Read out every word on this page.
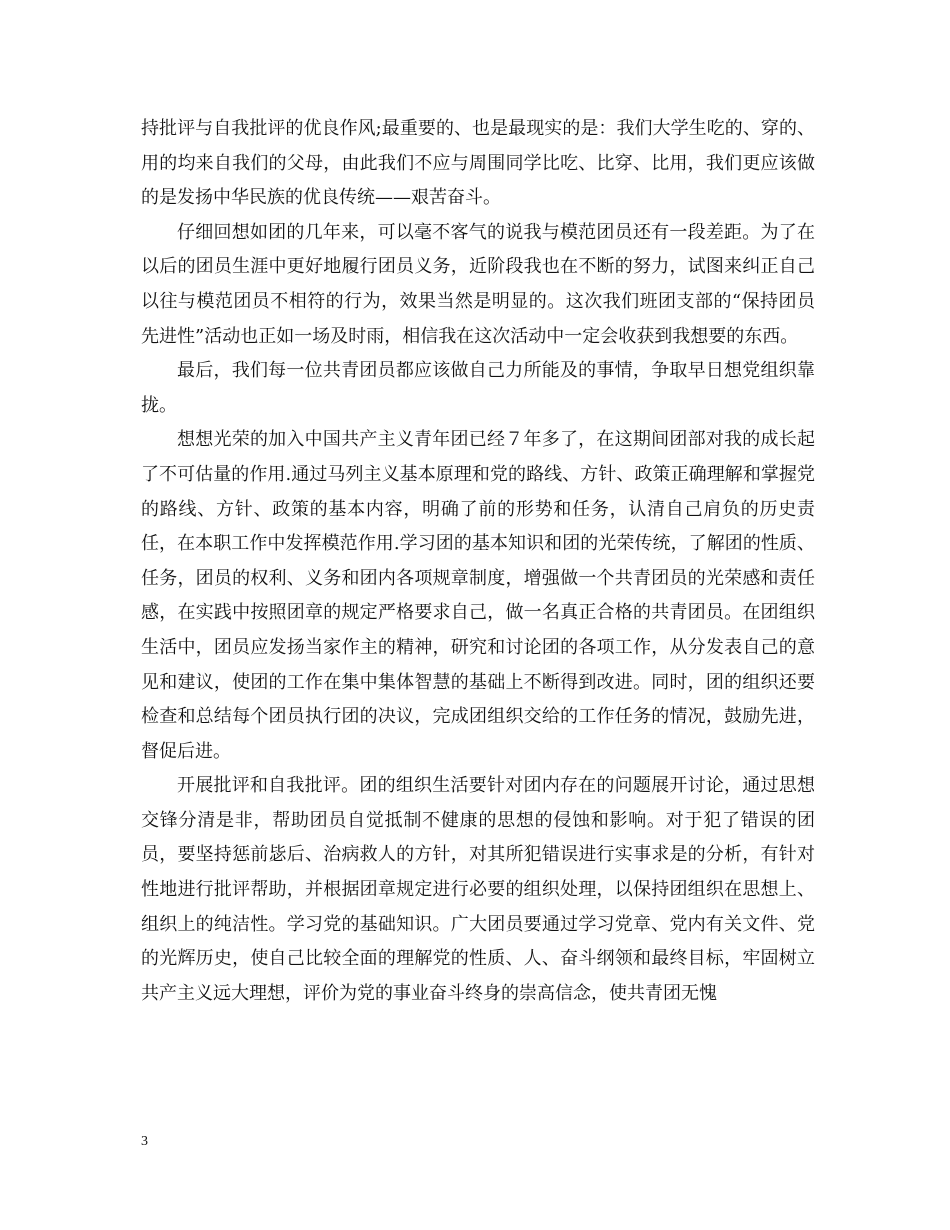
持批评与自我批评的优良作风;最重要的、也是最现实的是：我们大学生吃的、穿的、用的均来自我们的父母，由此我们不应与周围同学比吃、比穿、比用，我们更应该做的是发扬中华民族的优良传统——艰苦奋斗。

仔细回想如团的几年来，可以毫不客气的说我与模范团员还有一段差距。为了在以后的团员生涯中更好地履行团员义务，近阶段我也在不断的努力，试图来纠正自己以往与模范团员不相符的行为，效果当然是明显的。这次我们班团支部的“保持团员先进性”活动也正如一场及时雨，相信我在这次活动中一定会收获到我想要的东西。

最后，我们每一位共青团员都应该做自己力所能及的事情，争取早日想党组织靠拢。

想想光荣的加入中国共产主义青年团已经７年多了，在这期间团部对我的成长起了不可估量的作用.通过马列主义基本原理和党的路线、方针、政策正确理解和掌握党的路线、方针、政策的基本内容，明确了前的形势和任务，认清自己肩负的历史责任，在本职工作中发挥模范作用.学习团的基本知识和团的光荣传统，了解团的性质、任务，团员的权利、义务和团内各项规章制度，增强做一个共青团员的光荣感和责任感，在实践中按照团章的规定严格要求自己，做一名真正合格的共青团员。在团组织生活中，团员应发扬当家作主的精神，研究和讨论团的各项工作，从分发表自己的意见和建议，使团的工作在集中集体智慧的基础上不断得到改进。同时，团的组织还要检查和总结每个团员执行团的决议，完成团组织交给的工作任务的情况，鼓励先进，督促后进。

开展批评和自我批评。团的组织生活要针对团内存在的问题展开讨论，通过思想交锋分清是非，帮助团员自觉抵制不健康的思想的侵蚀和影响。对于犯了错误的团员，要坚持惩前毖后、治病救人的方针，对其所犯错误进行实事求是的分析，有针对性地进行批评帮助，并根据团章规定进行必要的组织处理，以保持团组织在思想上、组织上的纯洁性。学习党的基础知识。广大团员要通过学习党章、党内有关文件、党的光辉历史，使自己比较全面的理解党的性质、人、奋斗纲领和最终目标，牢固树立共产主义远大理想，评价为党的事业奋斗终身的崇高信念，使共青团无愧

3
